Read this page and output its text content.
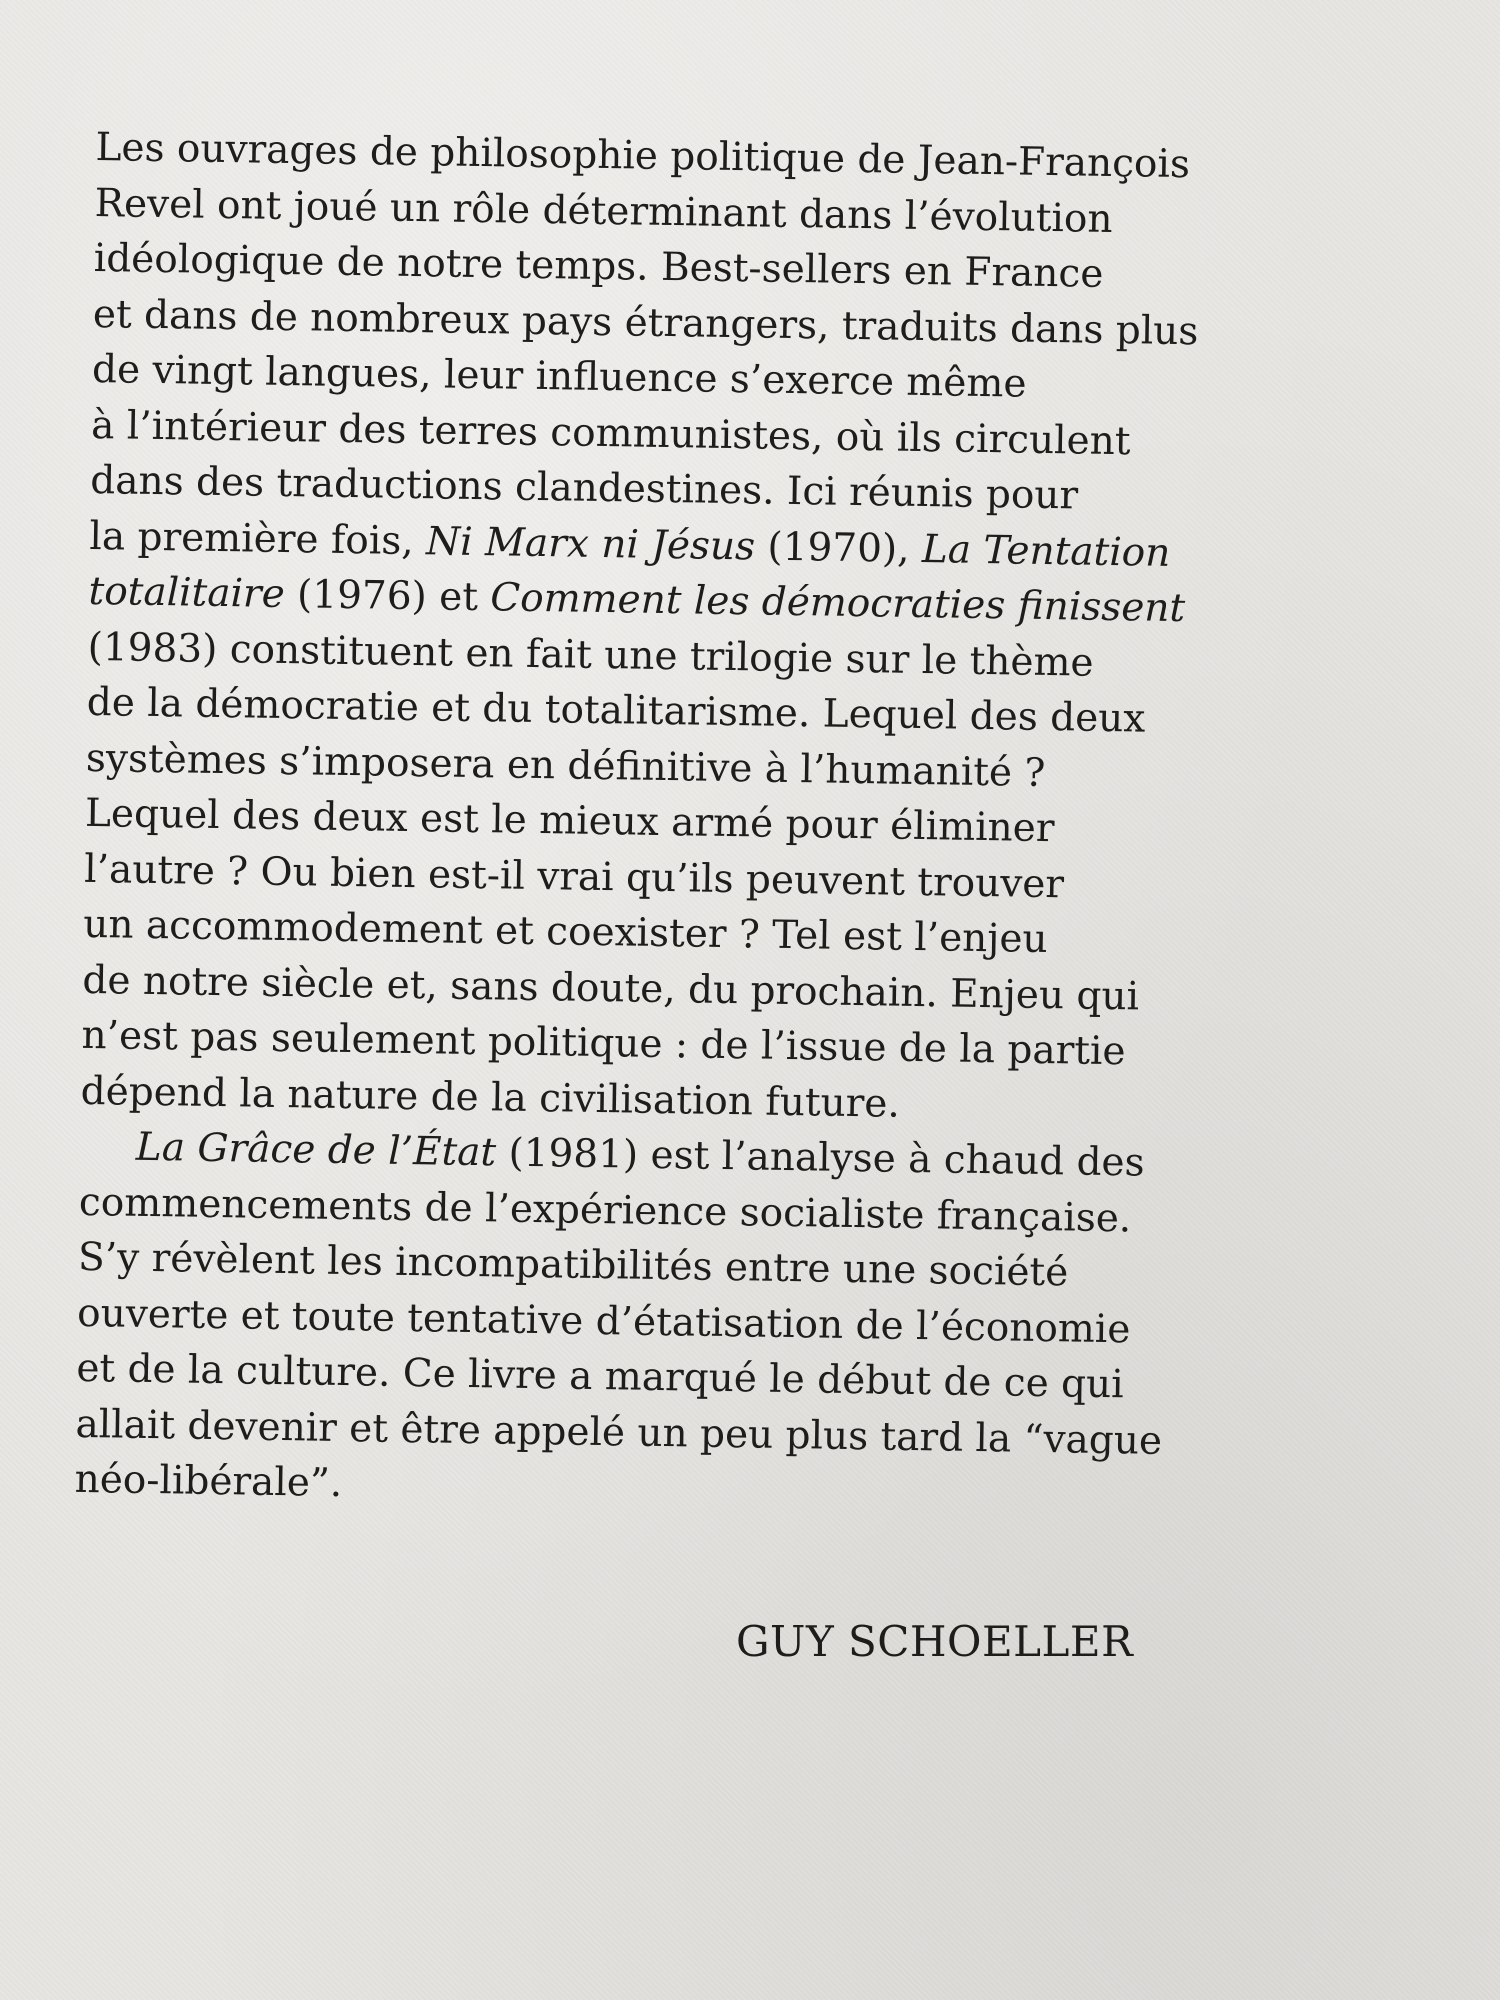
Les ouvrages de philosophie politique de Jean-François
Revel ont joué un rôle déterminant dans l’évolution
idéologique de notre temps. Best-sellers en France
et dans de nombreux pays étrangers, traduits dans plus
de vingt langues, leur influence s’exerce même
à l’intérieur des terres communistes, où ils circulent
dans des traductions clandestines. Ici réunis pour
la première fois, Ni Marx ni Jésus (1970), La Tentation
totalitaire (1976) et Comment les démocraties finissent
(1983) constituent en fait une trilogie sur le thème
de la démocratie et du totalitarisme. Lequel des deux
systèmes s’imposera en définitive à l’humanité ?
Lequel des deux est le mieux armé pour éliminer
l’autre ? Ou bien est-il vrai qu’ils peuvent trouver
un accommodement et coexister ? Tel est l’enjeu
de notre siècle et, sans doute, du prochain. Enjeu qui
n’est pas seulement politique : de l’issue de la partie
dépend la nature de la civilisation future.
La Grâce de l’État (1981) est l’analyse à chaud des
commencements de l’expérience socialiste française.
S’y révèlent les incompatibilités entre une société
ouverte et toute tentative d’étatisation de l’économie
et de la culture. Ce livre a marqué le début de ce qui
allait devenir et être appelé un peu plus tard la “vague
néo-libérale”.
GUY SCHOELLER
